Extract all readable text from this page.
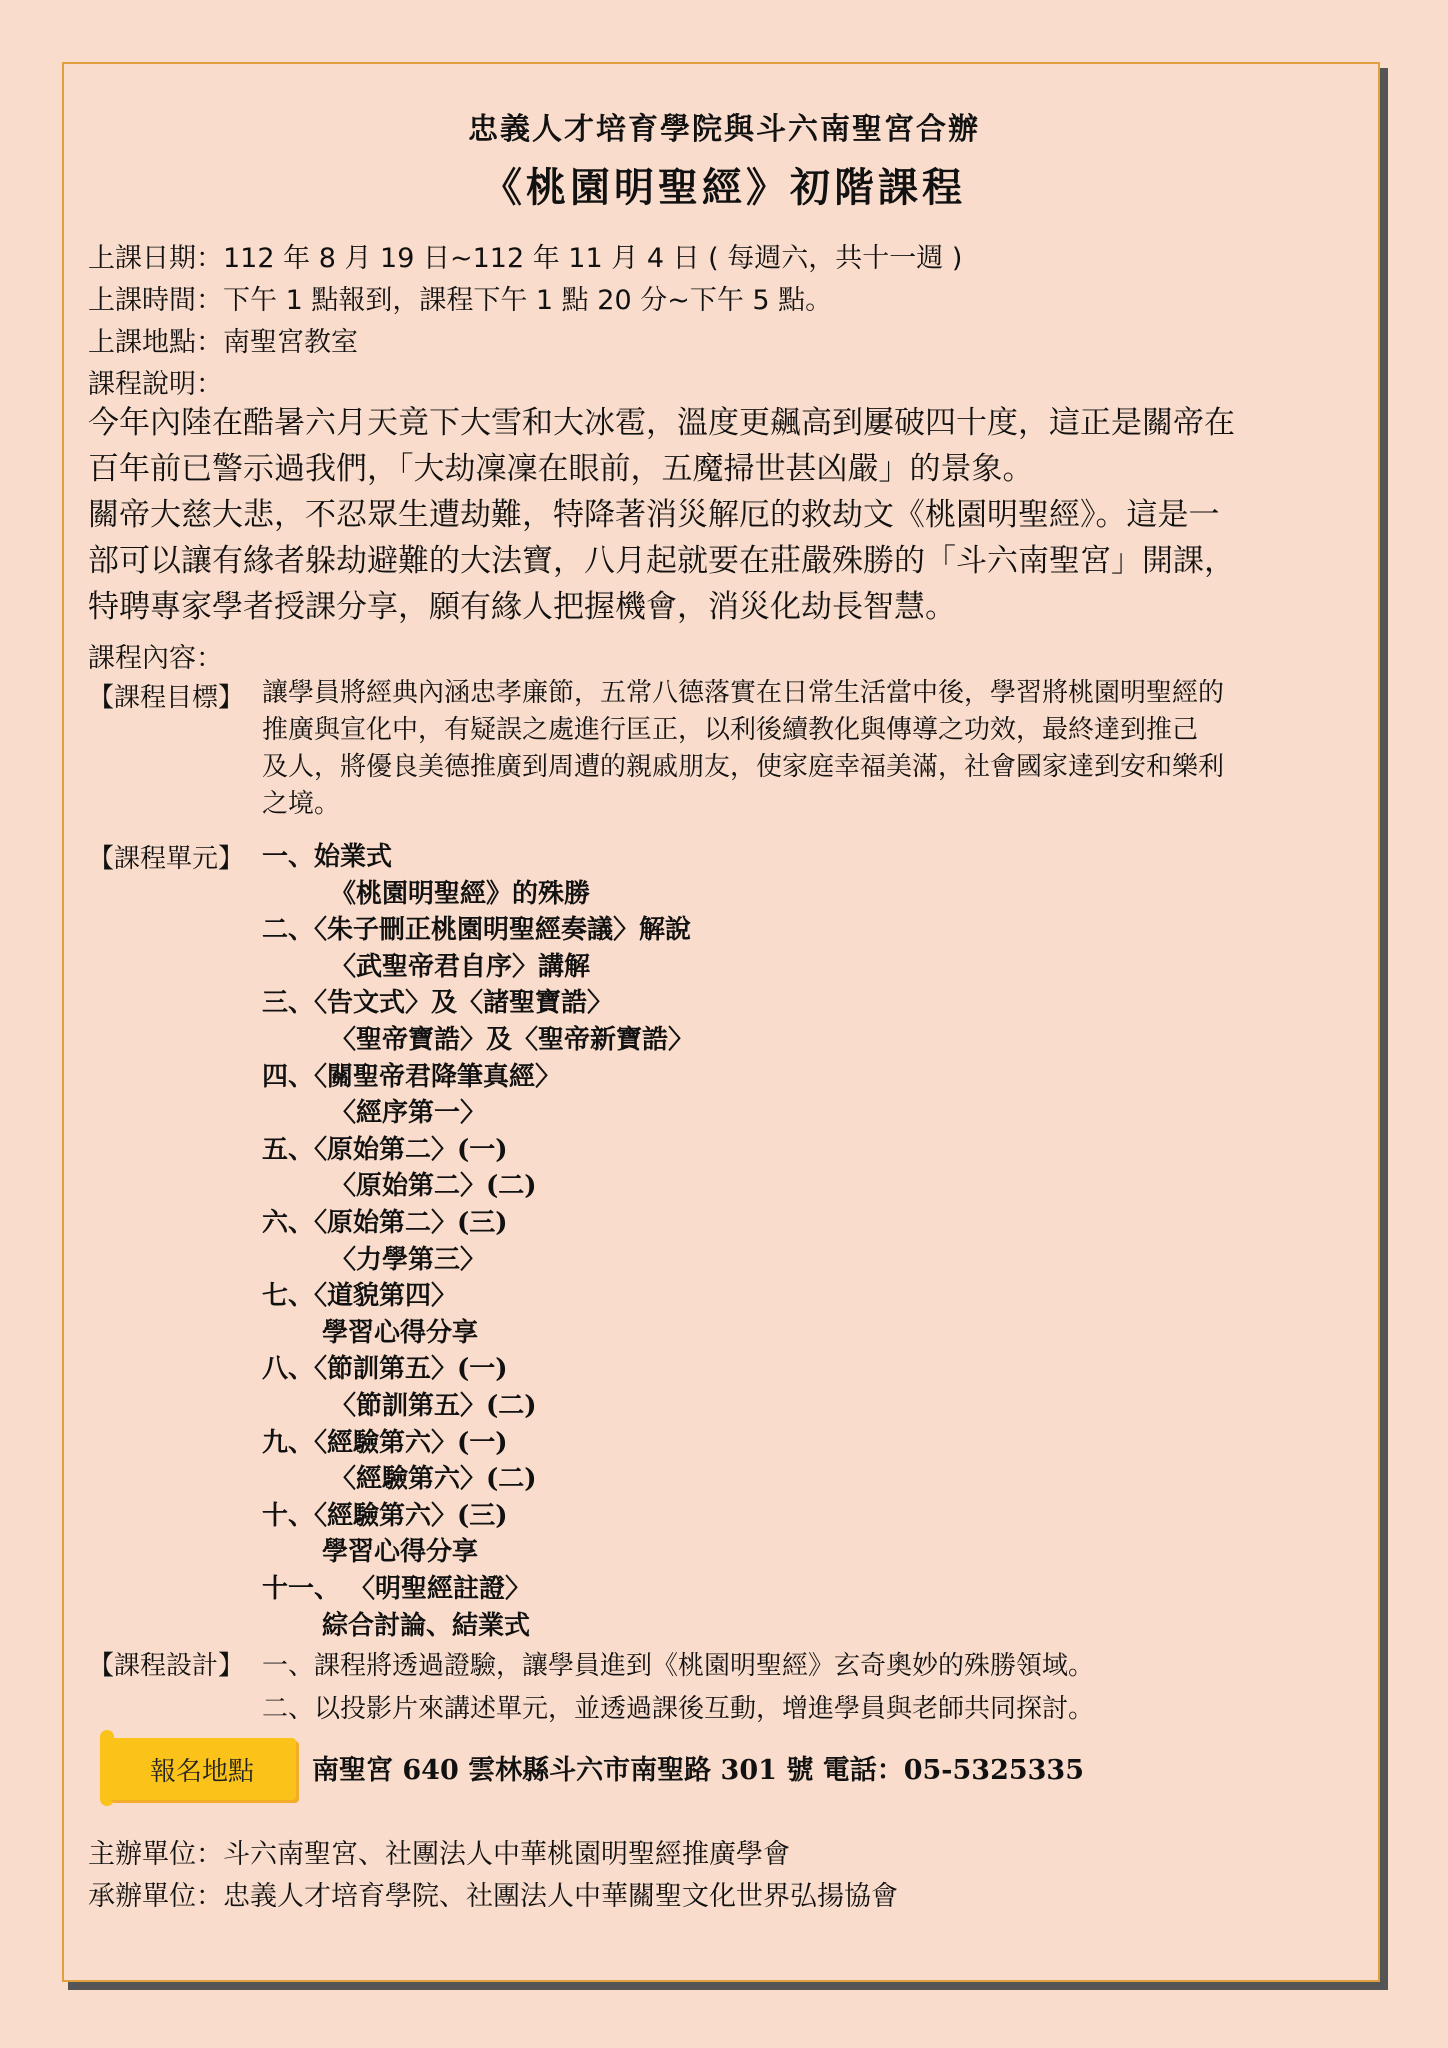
忠義人才培育學院與斗六南聖宮合辦
《桃園明聖經》初階課程
上課日期：112 年 8 月 19 日~112 年 11 月 4 日 ( 每週六，共十一週 )
上課時間：下午 1 點報到，課程下午 1 點 20 分~下午 5 點。
上課地點：南聖宮教室
課程說明：
今年內陸在酷暑六月天竟下大雪和大冰雹，溫度更飆高到屢破四十度，這正是關帝在
百年前已警示過我們，「大劫凜凜在眼前，五魔掃世甚凶嚴」的景象。
關帝大慈大悲，不忍眾生遭劫難，特降著消災解厄的救劫文《桃園明聖經》。這是一
部可以讓有緣者躲劫避難的大法寶，八月起就要在莊嚴殊勝的「斗六南聖宮」開課，
特聘專家學者授課分享，願有緣人把握機會，消災化劫長智慧。
課程內容：
【課程目標】 讓學員將經典內涵忠孝廉節，五常八德落實在日常生活當中後，學習將桃園明聖經的
推廣與宣化中，有疑誤之處進行匡正，以利後續教化與傳導之功效，最終達到推己
及人，將優良美德推廣到周遭的親戚朋友，使家庭幸福美滿，社會國家達到安和樂利
之境。
【課程單元】 一、始業式
《桃園明聖經》的殊勝
二、〈朱子刪正桃園明聖經奏議〉解說
〈武聖帝君自序〉講解
三、〈告文式〉及〈諸聖寶誥〉
〈聖帝寶誥〉及〈聖帝新寶誥〉
四、〈關聖帝君降筆真經〉
〈經序第一〉
五、〈原始第二〉(一)
〈原始第二〉(二)
六、〈原始第二〉(三)
〈力學第三〉
七、〈道貌第四〉
學習心得分享
八、〈節訓第五〉(一)
〈節訓第五〉(二)
九、〈經驗第六〉(一)
〈經驗第六〉(二)
十、〈經驗第六〉(三)
學習心得分享
十一、 〈明聖經註證〉
綜合討論、結業式
【課程設計】 一、課程將透過證驗，讓學員進到《桃園明聖經》玄奇奧妙的殊勝領域。
二、以投影片來講述單元，並透過課後互動，增進學員與老師共同探討。
報名地點	南聖宮 640 雲林縣斗六市南聖路 301 號 電話：05-5325335
主辦單位：斗六南聖宮、社團法人中華桃園明聖經推廣學會
承辦單位：忠義人才培育學院、社團法人中華關聖文化世界弘揚協會
